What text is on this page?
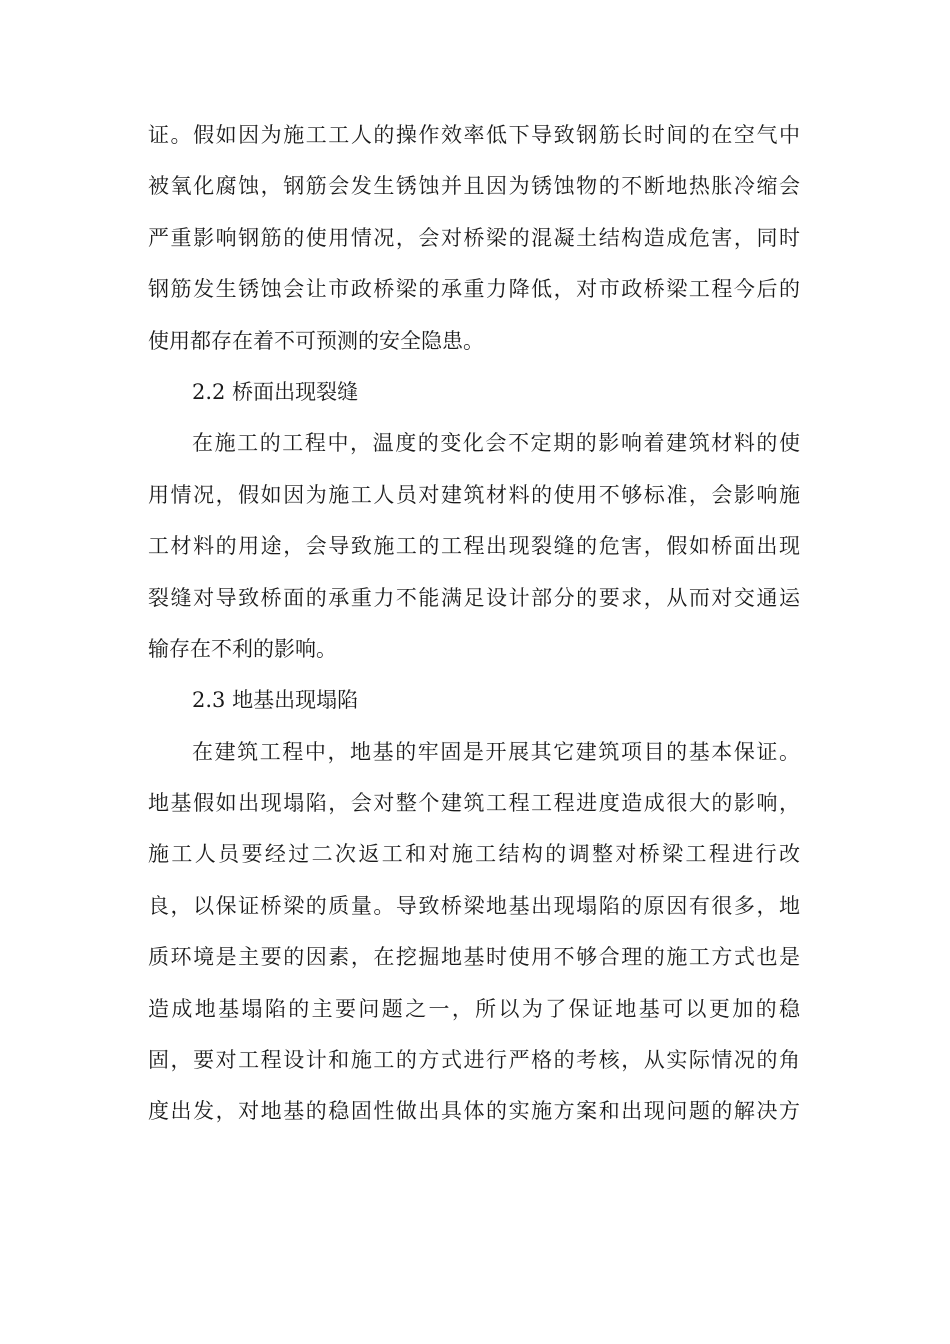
证。假如因为施工工人的操作效率低下导致钢筋长时间的在空气中
被氧化腐蚀，钢筋会发生锈蚀并且因为锈蚀物的不断地热胀冷缩会
严重影响钢筋的使用情况，会对桥梁的混凝土结构造成危害，同时
钢筋发生锈蚀会让市政桥梁的承重力降低，对市政桥梁工程今后的
使用都存在着不可预测的安全隐患。
2.2 桥面出现裂缝
在施工的工程中，温度的变化会不定期的影响着建筑材料的使
用情况，假如因为施工人员对建筑材料的使用不够标准，会影响施
工材料的用途，会导致施工的工程出现裂缝的危害，假如桥面出现
裂缝对导致桥面的承重力不能满足设计部分的要求，从而对交通运
输存在不利的影响。
2.3 地基出现塌陷
在建筑工程中，地基的牢固是开展其它建筑项目的基本保证。
地基假如出现塌陷，会对整个建筑工程工程进度造成很大的影响，
施工人员要经过二次返工和对施工结构的调整对桥梁工程进行改
良，以保证桥梁的质量。导致桥梁地基出现塌陷的原因有很多，地
质环境是主要的因素，在挖掘地基时使用不够合理的施工方式也是
造成地基塌陷的主要问题之一，所以为了保证地基可以更加的稳
固，要对工程设计和施工的方式进行严格的考核，从实际情况的角
度出发，对地基的稳固性做出具体的实施方案和出现问题的解决方
